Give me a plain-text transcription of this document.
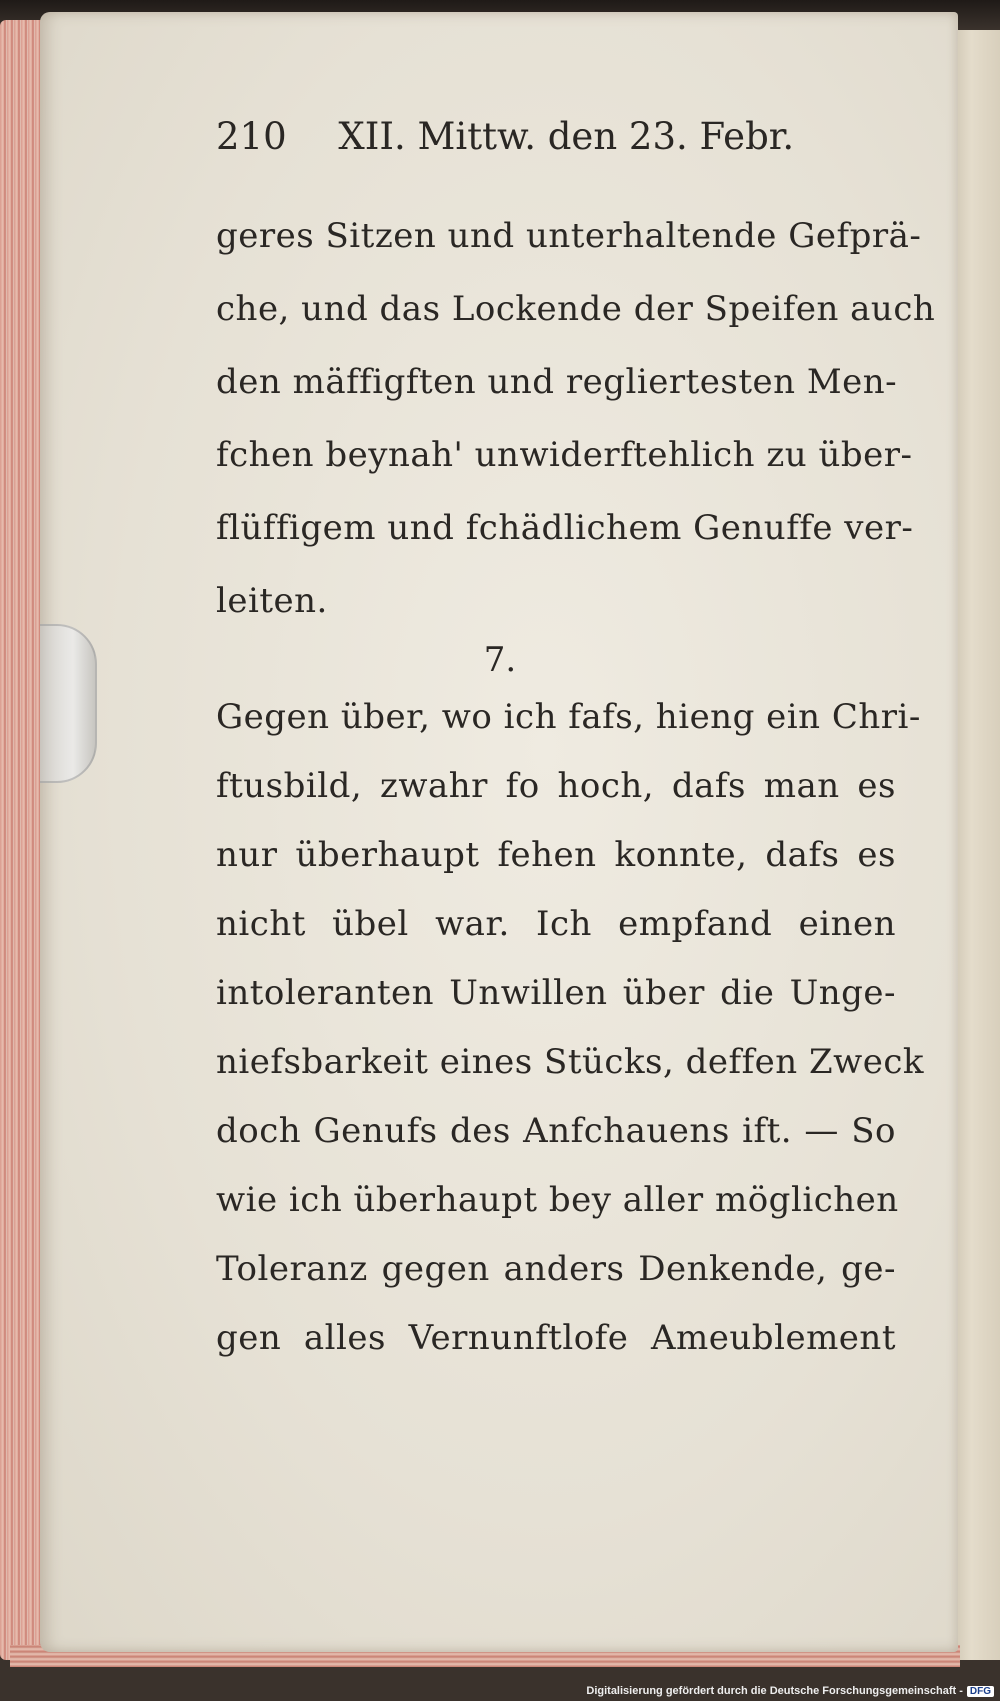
210 XII. Mittw. den 23. Febr.
geres Sitzen und unterhaltende Gefprä-
che, und das Lockende der Speifen auch
den mäffigften und regliertesten Men-
fchen beynah' unwiderftehlich zu über-
flüffigem und fchädlichem Genuffe ver-
leiten.
7.
Gegen über, wo ich fafs, hieng ein Chri-
ftusbild, zwahr fo hoch, dafs man es
nur überhaupt fehen konnte, dafs es
nicht übel war. Ich empfand einen
intoleranten Unwillen über die Unge-
niefsbarkeit eines Stücks, deffen Zweck
doch Genufs des Anfchauens ift. — So
wie ich überhaupt bey aller möglichen
Toleranz gegen anders Denkende, ge-
gen alles Vernunftlofe Ameublement
Digitalisierung gefördert durch die Deutsche Forschungsgemeinschaft - DFG
